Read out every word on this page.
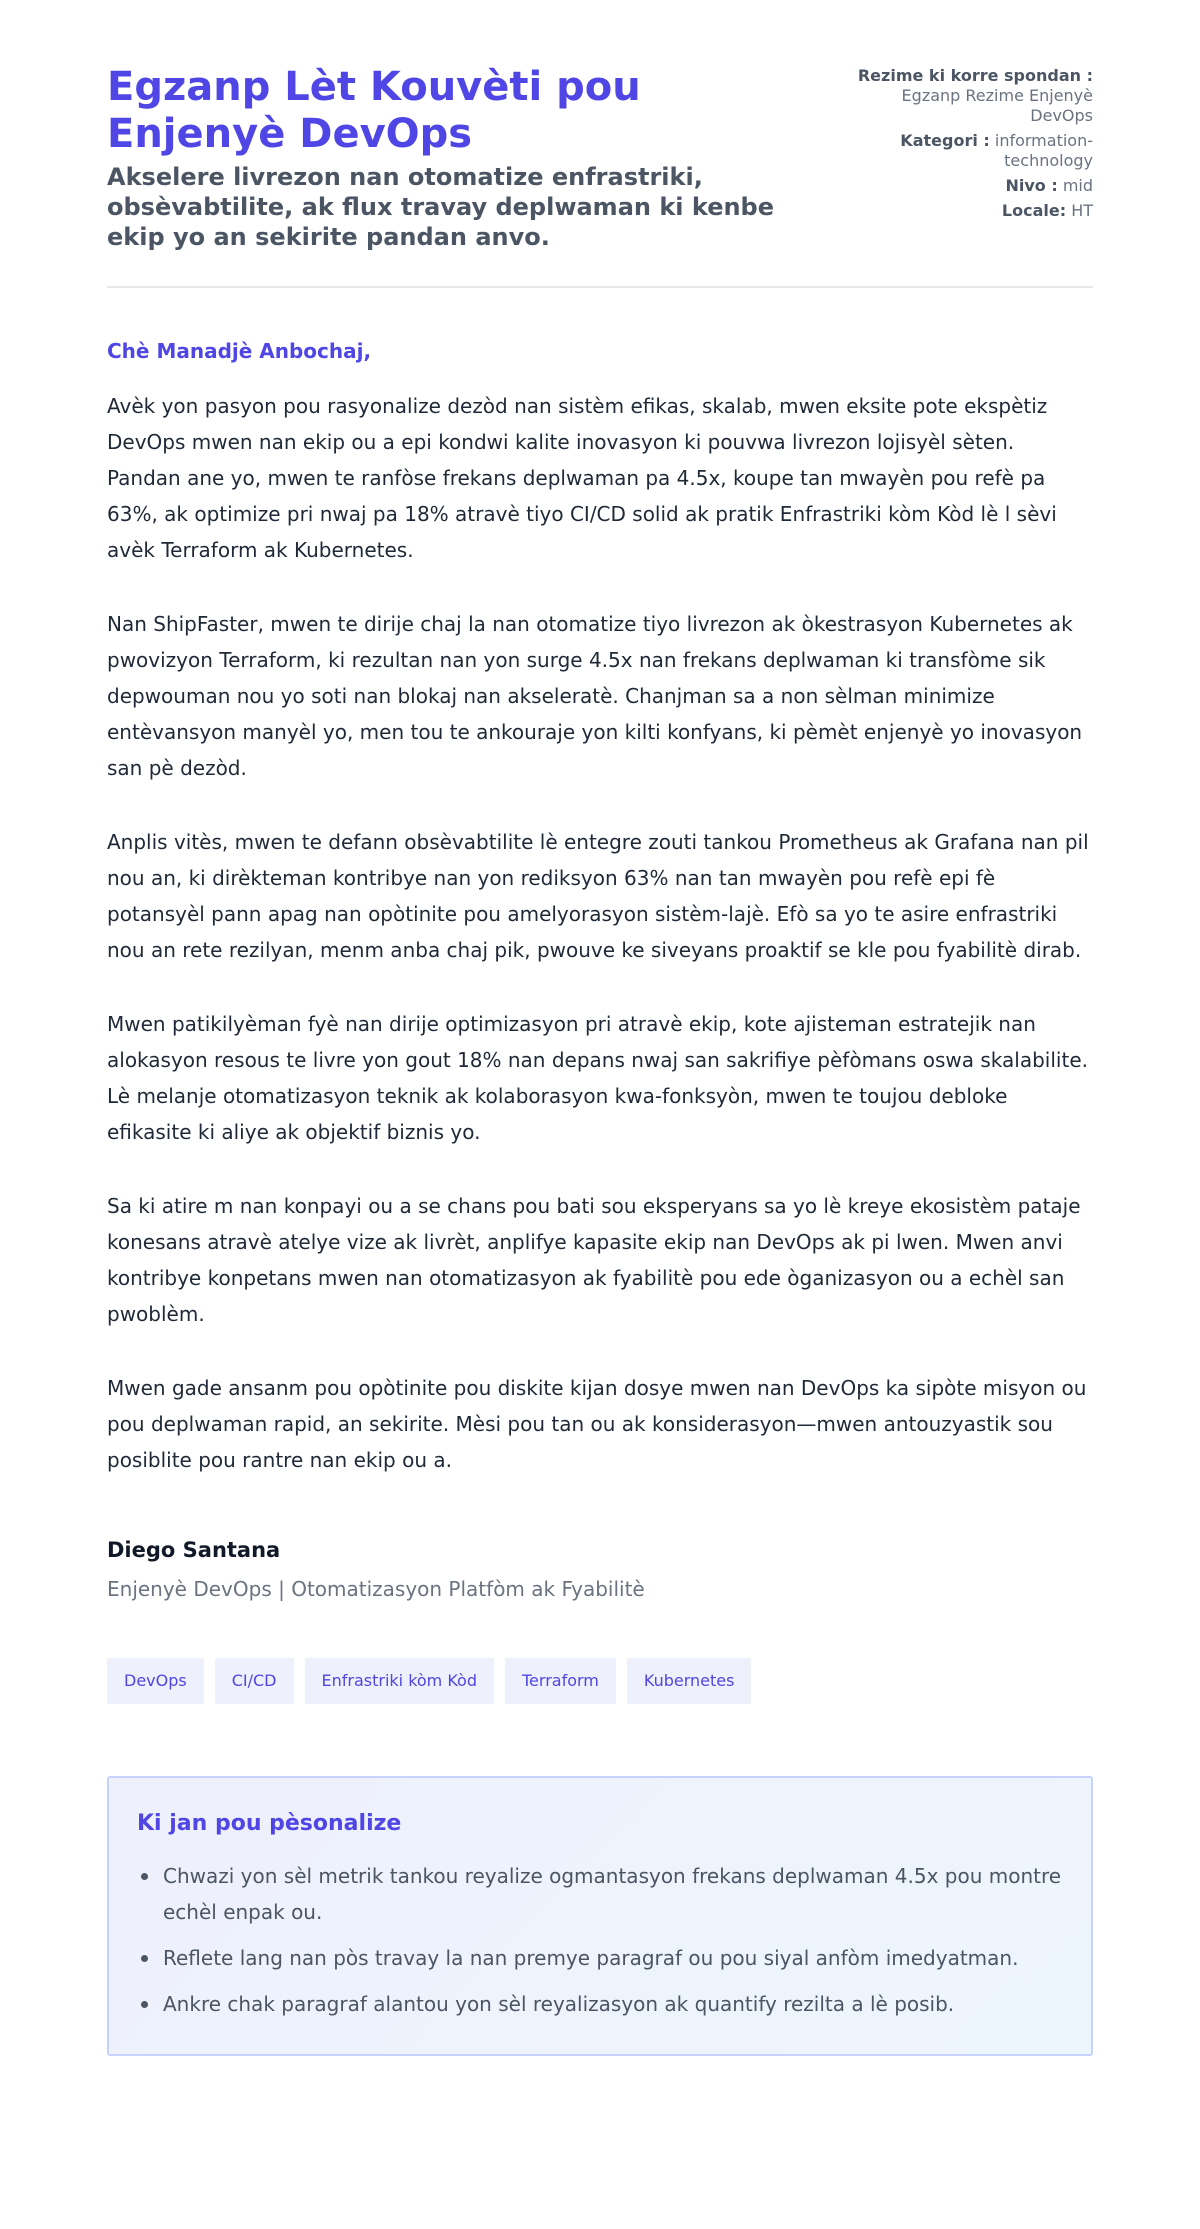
Egzanp Lèt Kouvèti pou Enjenyè DevOps
Akselere livrezon nan otomatize enfrastriki, obsèvabtilite, ak flux travay deplwaman ki kenbe ekip yo an sekirite pandan anvo.
Rezime ki korre spondan : Egzanp Rezime Enjenyè DevOps
Kategori : information-technology
Nivo : mid
Locale: HT
Chè Manadjè Anbochaj,

Avèk yon pasyon pou rasyonalize dezòd nan sistèm efikas, skalab, mwen eksite pote ekspètiz DevOps mwen nan ekip ou a epi kondwi kalite inovasyon ki pouvwa livrezon lojisyèl sèten. Pandan ane yo, mwen te ranfòse frekans deplwaman pa 4.5x, koupe tan mwayèn pou refè pa 63%, ak optimize pri nwaj pa 18% atravè tiyo CI/CD solid ak pratik Enfrastriki kòm Kòd lè l sèvi avèk Terraform ak Kubernetes.

Nan ShipFaster, mwen te dirije chaj la nan otomatize tiyo livrezon ak òkestrasyon Kubernetes ak pwovizyon Terraform, ki rezultan nan yon surge 4.5x nan frekans deplwaman ki transfòme sik depwouman nou yo soti nan blokaj nan akseleratè. Chanjman sa a non sèlman minimize entèvansyon manyèl yo, men tou te ankouraje yon kilti konfyans, ki pèmèt enjenyè yo inovasyon san pè dezòd.

Anplis vitès, mwen te defann obsèvabtilite lè entegre zouti tankou Prometheus ak Grafana nan pil nou an, ki dirèkteman kontribye nan yon rediksyon 63% nan tan mwayèn pou refè epi fè potansyèl pann apag nan opòtinite pou amelyorasyon sistèm-lajè. Efò sa yo te asire enfrastriki nou an rete rezilyan, menm anba chaj pik, pwouve ke siveyans proaktif se kle pou fyabilitè dirab.

Mwen patikilyèman fyè nan dirije optimizasyon pri atravè ekip, kote ajisteman estratejik nan alokasyon resous te livre yon gout 18% nan depans nwaj san sakrifiye pèfòmans oswa skalabilite. Lè melanje otomatizasyon teknik ak kolaborasyon kwa-fonksyòn, mwen te toujou debloke efikasite ki aliye ak objektif biznis yo.

Sa ki atire m nan konpayi ou a se chans pou bati sou eksperyans sa yo lè kreye ekosistèm pataje konesans atravè atelye vize ak livrèt, anplifye kapasite ekip nan DevOps ak pi lwen. Mwen anvi kontribye konpetans mwen nan otomatizasyon ak fyabilitè pou ede òganizasyon ou a echèl san pwoblèm.

Mwen gade ansanm pou opòtinite pou diskite kijan dosye mwen nan DevOps ka sipòte misyon ou pou deplwaman rapid, an sekirite. Mèsi pou tan ou ak konsiderasyon—mwen antouzyastik sou posiblite pou rantre nan ekip ou a.

Diego Santana
Enjenyè DevOps | Otomatizasyon Platfòm ak Fyabilitè
DevOps	CI/CD	Enfrastriki kòm Kòd	Terraform	Kubernetes
Ki jan pou pèsonalize
Chwazi yon sèl metrik tankou reyalize ogmantasyon frekans deplwaman 4.5x pou montre echèl enpak ou.
Reflete lang nan pòs travay la nan premye paragraf ou pou siyal anfòm imedyatman.
Ankre chak paragraf alantou yon sèl reyalizasyon ak quantify rezilta a lè posib.
